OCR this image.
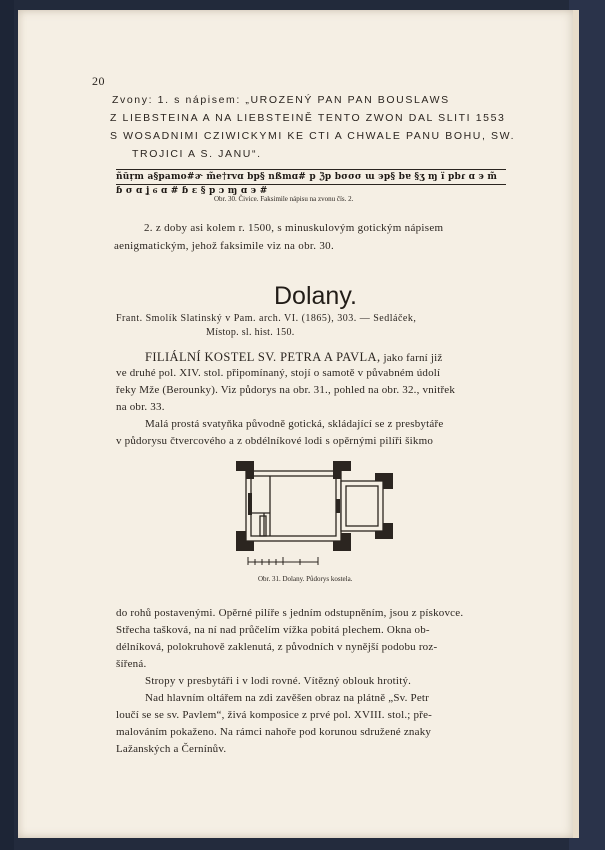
20
Zvony: 1. s nápisem: „UROZENÝ PAN PAN BOUSLAWS
Z LIEBSTEINA A NA LIEBSTEINĚ TENTO ZWON DAL SLITI 1553
S WOSADNIMI CZIWICKYMI KE CTI A CHWALE PANU BOHU, SW.
TROJICI A S. JANU“.
ñŭŗm a§pamo#ɚ m̃e†rvɑ bp§ nßmɑ# p ℨp bσσσ ɯ ϶p§ bɐ §ʒ ɱ ï pbɾ ɑ ϶ m̃ ɓ σ ɑ ʝ ϭ ɑ # ɓ ɛ § p ɔ ɱ ɑ ϶ #
Obr. 30. Čivice. Faksimile nápisu na zvonu čís. 2.
2. z doby asi kolem r. 1500, s minuskulovým gotickým nápisem
aenigmatickým, jehož faksimile viz na obr. 30.
Dolany.
Frant. Smolík Slatinský v Pam. arch. VI. (1865), 303. — Sedláček,
Místop. sl. hist. 150.
FILIÁLNÍ KOSTEL SV. PETRA A PAVLA, jako farní již
ve druhé pol. XIV. stol. připomínaný, stojí o samotě v půvabném údolí
řeky Mže (Berounky). Viz půdorys na obr. 31., pohled na obr. 32., vnitřek
na obr. 33.
Malá prostá svatyňka původně gotická, skládající se z presbytáře
v půdorysu čtvercového a z obdélníkové lodi s opěrnými pilíři šikmo
Obr. 31. Dolany. Půdorys kostela.
do rohů postavenými. Opěrné pilíře s jedním odstupněním, jsou z pískovce.
Střecha tašková, na ní nad průčelím vížka pobitá plechem. Okna ob-
délníková, polokruhově zaklenutá, z původních v nynější podobu roz-
šířená.
Stropy v presbytáři i v lodi rovné. Vítězný oblouk hrotitý.
Nad hlavním oltářem na zdi zavěšen obraz na plátně „Sv. Petr
loučí se se sv. Pavlem“, živá komposice z prvé pol. XVIII. stol.; pře-
malováním pokaženo. Na rámci nahoře pod korunou sdružené znaky
Lažanských a Černínův.
